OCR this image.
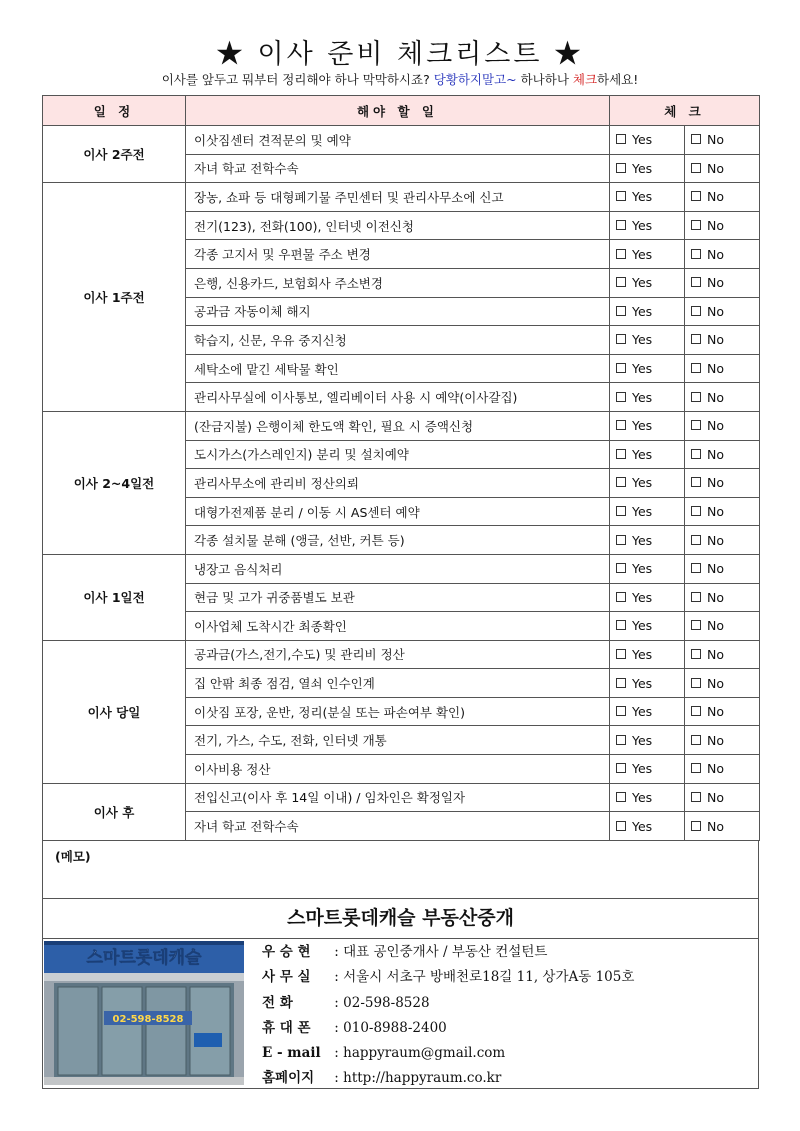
★ 이사 준비 체크리스트 ★
이사를 앞두고 뭐부터 정리해야 하나 막막하시죠? 당황하지말고~ 하나하나 체크하세요!
일 정	해야 할 일	체 크	
이사 2주전	이삿짐센터 견적문의 및 예약	Yes	No
	자녀 학교 전학수속	Yes	No
이사 1주전	장농, 쇼파 등 대형폐기물 주민센터 및 관리사무소에 신고	Yes	No
	전기(123), 전화(100), 인터넷 이전신청	Yes	No
	각종 고지서 및 우편물 주소 변경	Yes	No
	은행, 신용카드, 보험회사 주소변경	Yes	No
	공과금 자동이체 해지	Yes	No
	학습지, 신문, 우유 중지신청	Yes	No
	세탁소에 맡긴 세탁물 확인	Yes	No
	관리사무실에 이사통보, 엘리베이터 사용 시 예약(이사갈집)	Yes	No
이사 2~4일전	(잔금지불) 은행이체 한도액 확인, 필요 시 증액신청	Yes	No
	도시가스(가스레인지) 분리 및 설치예약	Yes	No
	관리사무소에 관리비 정산의뢰	Yes	No
	대형가전제품 분리 / 이동 시 AS센터 예약	Yes	No
	각종 설치물 분해 (앵글, 선반, 커튼 등)	Yes	No
이사 1일전	냉장고 음식처리	Yes	No
	현금 및 고가 귀중품별도 보관	Yes	No
	이사업체 도착시간 최종확인	Yes	No
이사 당일	공과금(가스,전기,수도) 및 관리비 정산	Yes	No
	집 안팎 최종 점검, 열쇠 인수인계	Yes	No
	이삿짐 포장, 운반, 정리(분실 또는 파손여부 확인)	Yes	No
	전기, 가스, 수도, 전화, 인터넷 개통	Yes	No
	이사비용 정산	Yes	No
이사 후	전입신고(이사 후 14일 이내) / 임차인은 확정일자	Yes	No
	자녀 학교 전학수속	Yes	No
(메모)
스마트롯데캐슬 부동산중개
스마트롯데캐슬
02-598-8528
우 승 현 : 대표 공인중개사 / 부동산 컨설턴트
사 무 실 : 서울시 서초구 방배천로18길 11, 상가A동 105호
전 화	: 02-598-8528
휴 대 폰 : 010-8988-2400
E - mail : happyraum@gmail.com
홈페이지 : http://happyraum.co.kr
